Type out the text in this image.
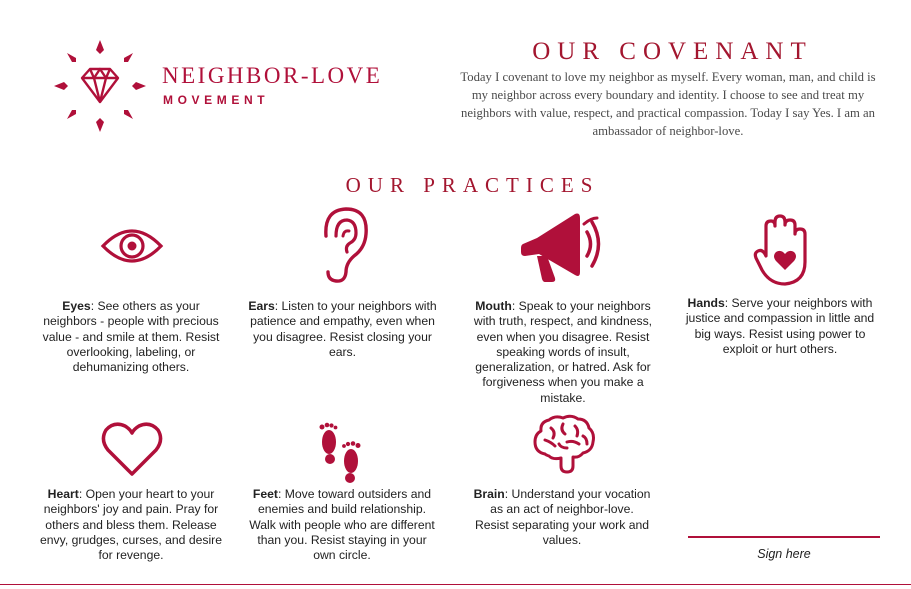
NEIGHBOR-LOVE
MOVEMENT
OUR COVENANT
Today I covenant to love my neighbor as myself. Every woman, man, and child is my neighbor across every boundary and identity. I choose to see and treat my neighbors with value, respect, and practical compassion. Today I say Yes. I am an ambassador of neighbor-love.
OUR PRACTICES
Eyes: See others as your neighbors - people with precious value - and smile at them. Resist overlooking, labeling, or dehumanizing others.
Ears: Listen to your neighbors with patience and empathy, even when you disagree. Resist closing your ears.
Mouth: Speak to your neighbors with truth, respect, and kindness, even when you disagree. Resist speaking words of insult, generalization, or hatred. Ask for forgiveness when you make a mistake.
Hands: Serve your neighbors with justice and compassion in little and big ways. Resist using power to exploit or hurt others.
Heart: Open your heart to your neighbors' joy and pain. Pray for others and bless them. Release envy, grudges, curses, and desire for revenge.
Feet: Move toward outsiders and enemies and build relationship. Walk with people who are different than you. Resist staying in your own circle.
Brain: Understand your vocation as an act of neighbor-love. Resist separating your work and values.
Sign here
